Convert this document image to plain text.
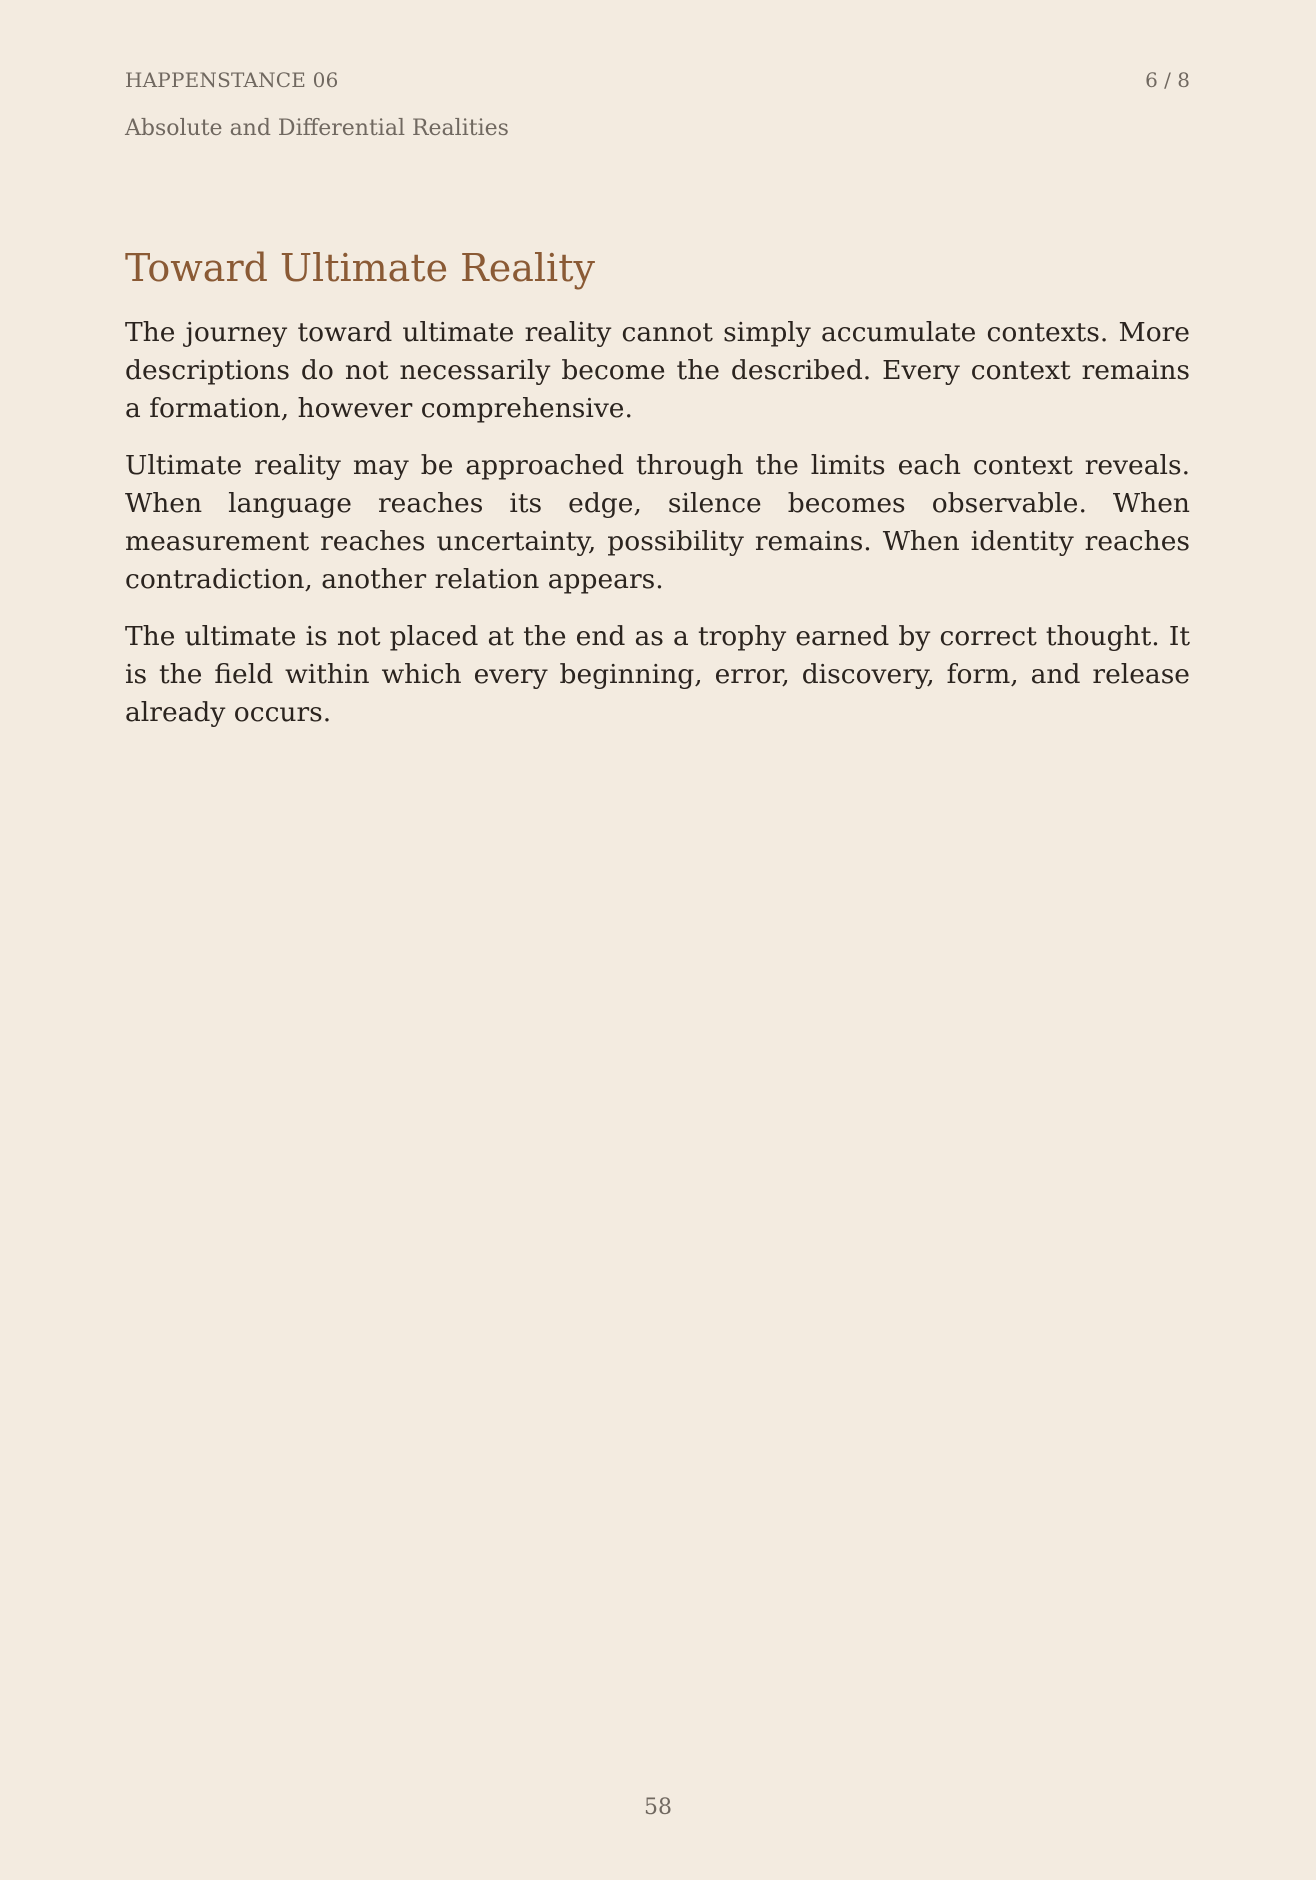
HAPPENSTANCE 06	6 / 8
Absolute and Differential Realities
Toward Ultimate Reality

The journey toward ultimate reality cannot simply accumulate contexts. More descriptions do not necessarily become the described. Every context remains a formation, however comprehensive.

Ultimate reality may be approached through the limits each context reveals. When language reaches its edge, silence becomes observable. When measurement reaches uncertainty, possibility remains. When identity reaches contradiction, another relation appears.

The ultimate is not placed at the end as a trophy earned by correct thought. It is the field within which every beginning, error, discovery, form, and release already occurs.

58
